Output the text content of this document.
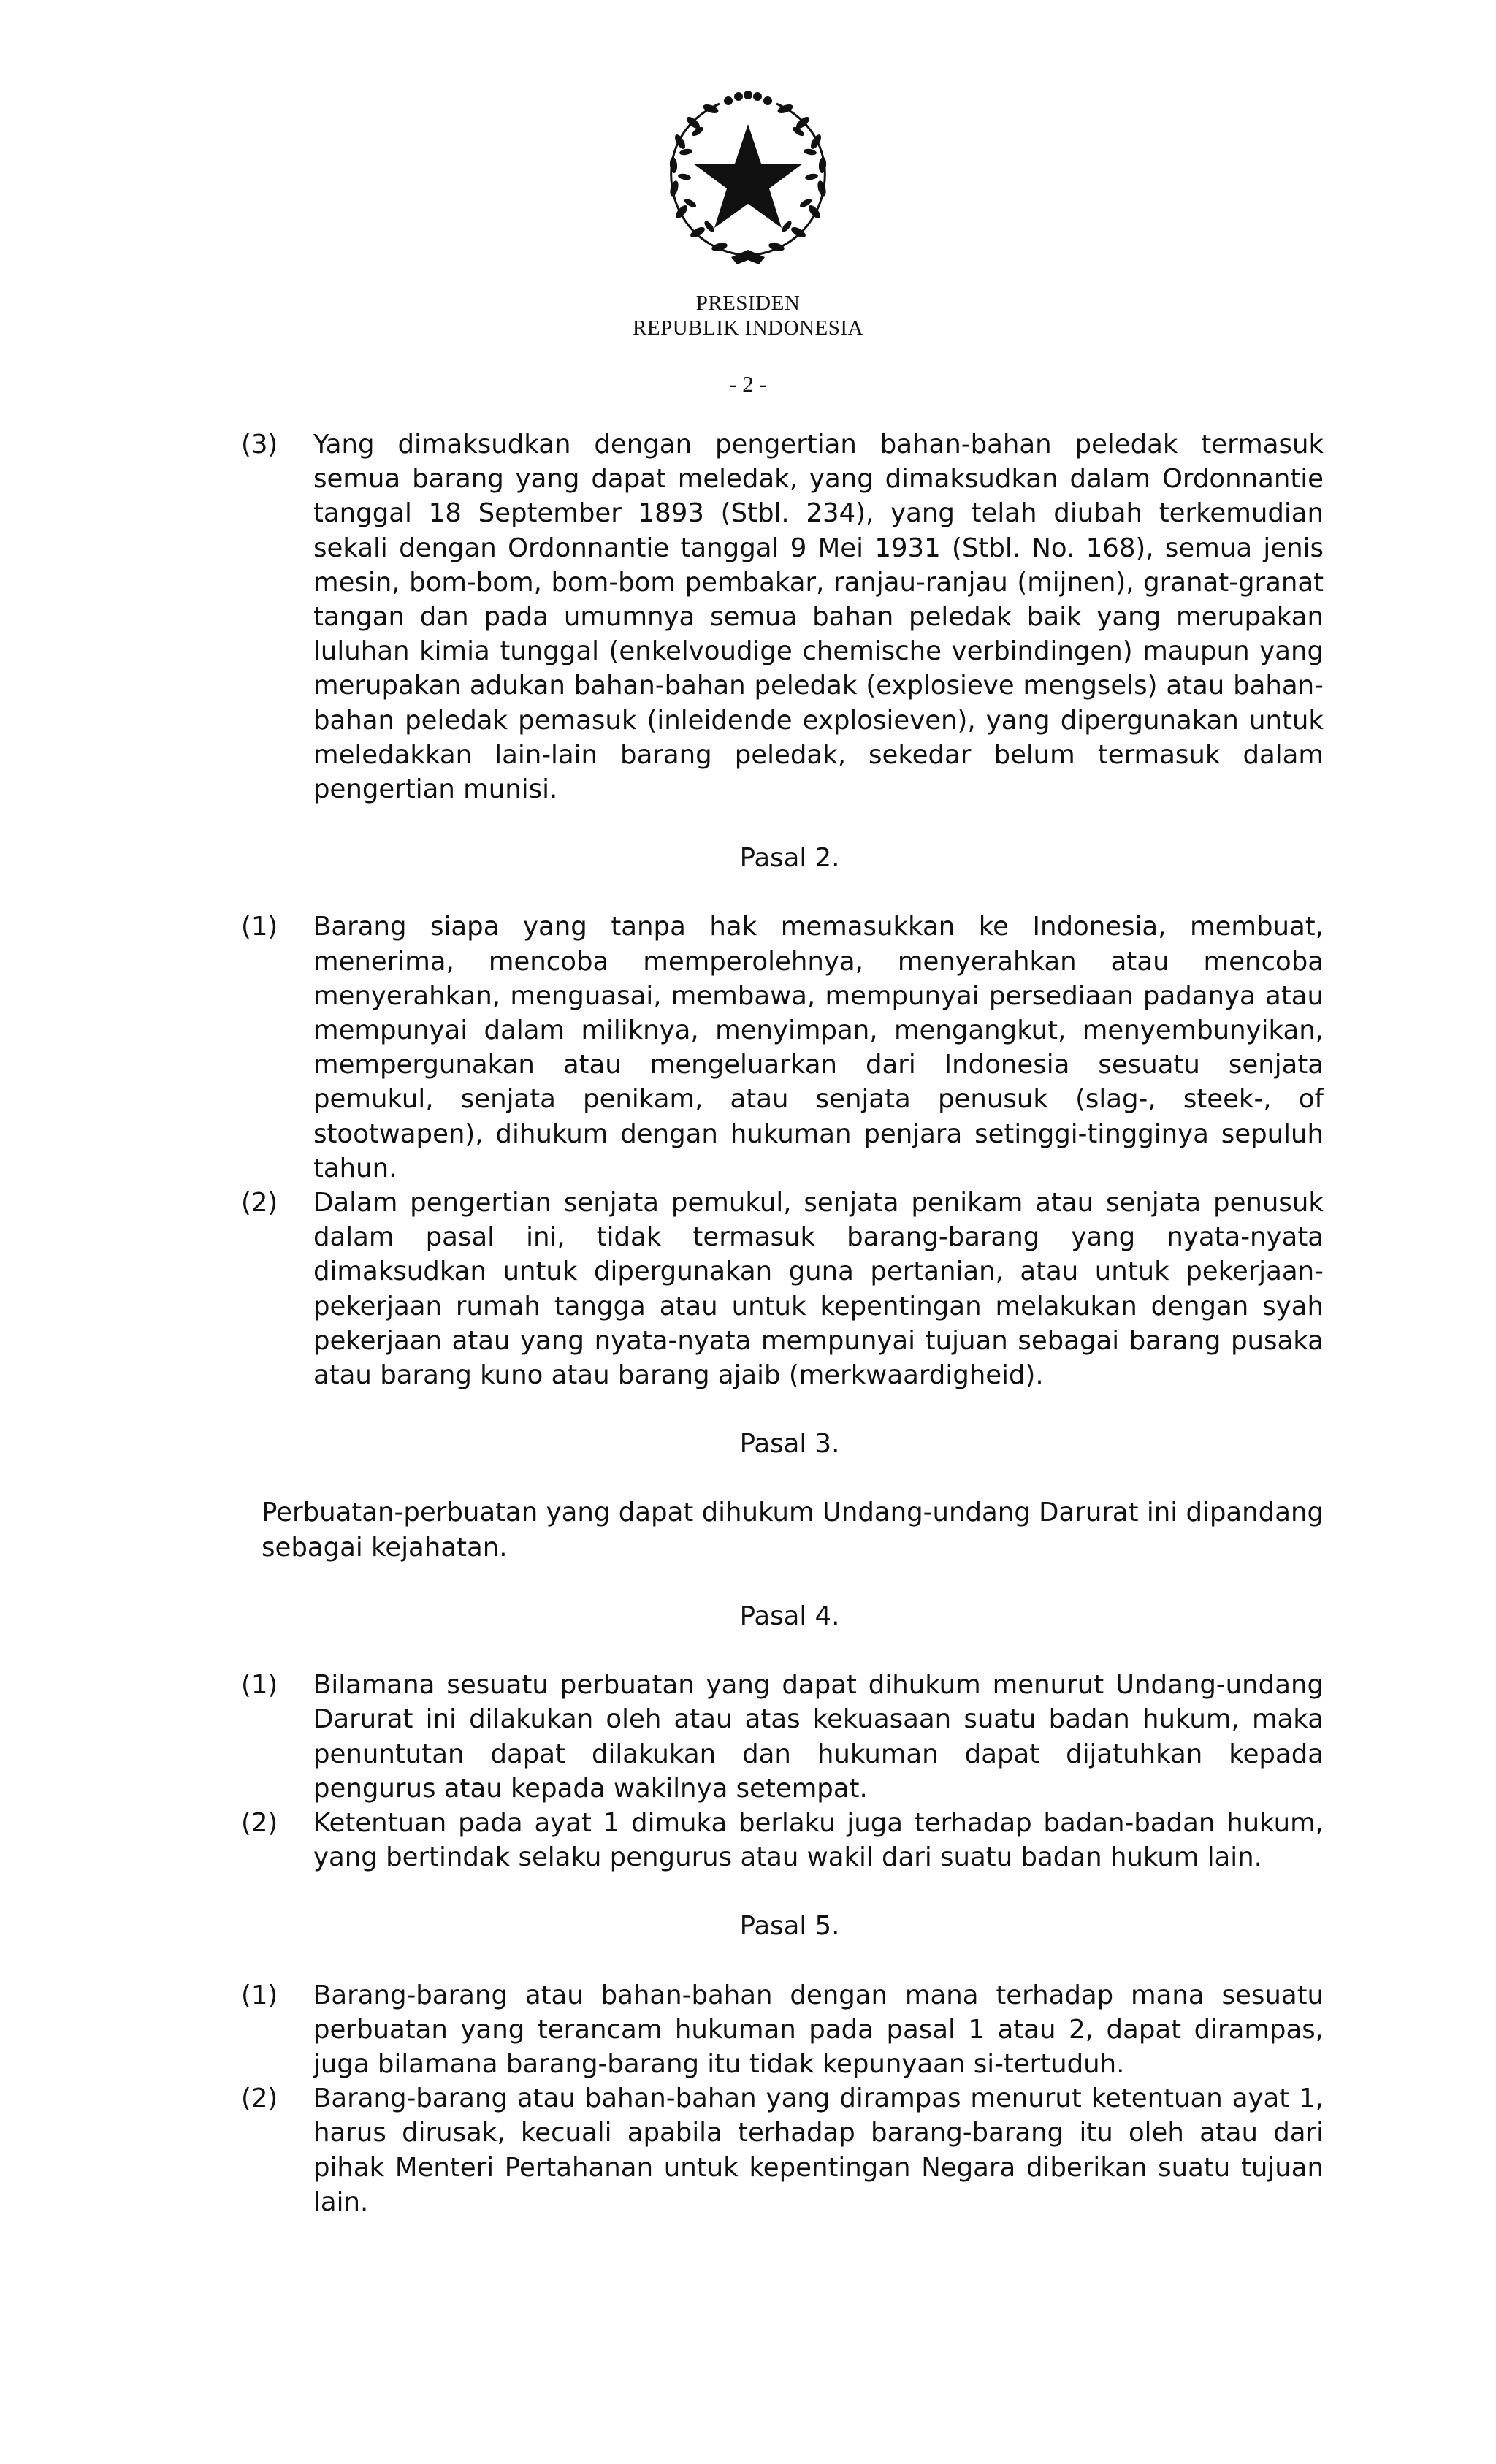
PRESIDEN
REPUBLIK INDONESIA
- 2 -
(3)	Yang dimaksudkan dengan pengertian bahan-bahan peledak termasuk semua barang yang dapat meledak, yang dimaksudkan dalam Ordonnantie tanggal 18 September 1893 (Stbl. 234), yang telah diubah terkemudian sekali dengan Ordonnantie tanggal 9 Mei 1931 (Stbl. No. 168), semua jenis mesin, bom-bom, bom-bom pembakar, ranjau-ranjau (mijnen), granat-granat tangan dan pada umumnya semua bahan peledak baik yang merupakan luluhan kimia tunggal (enkelvoudige chemische verbindingen) maupun yang merupakan adukan bahan-bahan peledak (explosieve mengsels) atau bahan-bahan peledak pemasuk (inleidende explosieven), yang dipergunakan untuk meledakkan lain-lain barang peledak, sekedar belum termasuk dalam pengertian munisi.
Pasal 2.
(1)	Barang siapa yang tanpa hak memasukkan ke Indonesia, membuat, menerima, mencoba memperolehnya, menyerahkan atau mencoba menyerahkan, menguasai, membawa, mempunyai persediaan padanya atau mempunyai dalam miliknya, menyimpan, mengangkut, menyembunyikan, mempergunakan atau mengeluarkan dari Indonesia sesuatu senjata pemukul, senjata penikam, atau senjata penusuk (slag-, steek-, of stootwapen), dihukum dengan hukuman penjara setinggi-tingginya sepuluh tahun.
(2)	Dalam pengertian senjata pemukul, senjata penikam atau senjata penusuk dalam pasal ini, tidak termasuk barang-barang yang nyata-nyata dimaksudkan untuk dipergunakan guna pertanian, atau untuk pekerjaan-pekerjaan rumah tangga atau untuk kepentingan melakukan dengan syah pekerjaan atau yang nyata-nyata mempunyai tujuan sebagai barang pusaka atau barang kuno atau barang ajaib (merkwaardigheid).
Pasal 3.
Perbuatan-perbuatan yang dapat dihukum Undang-undang Darurat ini dipandang sebagai kejahatan.
Pasal 4.
(1)	Bilamana sesuatu perbuatan yang dapat dihukum menurut Undang-undang Darurat ini dilakukan oleh atau atas kekuasaan suatu badan hukum, maka penuntutan dapat dilakukan dan hukuman dapat dijatuhkan kepada pengurus atau kepada wakilnya setempat.
(2)	Ketentuan pada ayat 1 dimuka berlaku juga terhadap badan-badan hukum, yang bertindak selaku pengurus atau wakil dari suatu badan hukum lain.
Pasal 5.
(1)	Barang-barang atau bahan-bahan dengan mana terhadap mana sesuatu perbuatan yang terancam hukuman pada pasal 1 atau 2, dapat dirampas, juga bilamana barang-barang itu tidak kepunyaan si-tertuduh.
(2)	Barang-barang atau bahan-bahan yang dirampas menurut ketentuan ayat 1, harus dirusak, kecuali apabila terhadap barang-barang itu oleh atau dari pihak Menteri Pertahanan untuk kepentingan Negara diberikan suatu tujuan lain.
